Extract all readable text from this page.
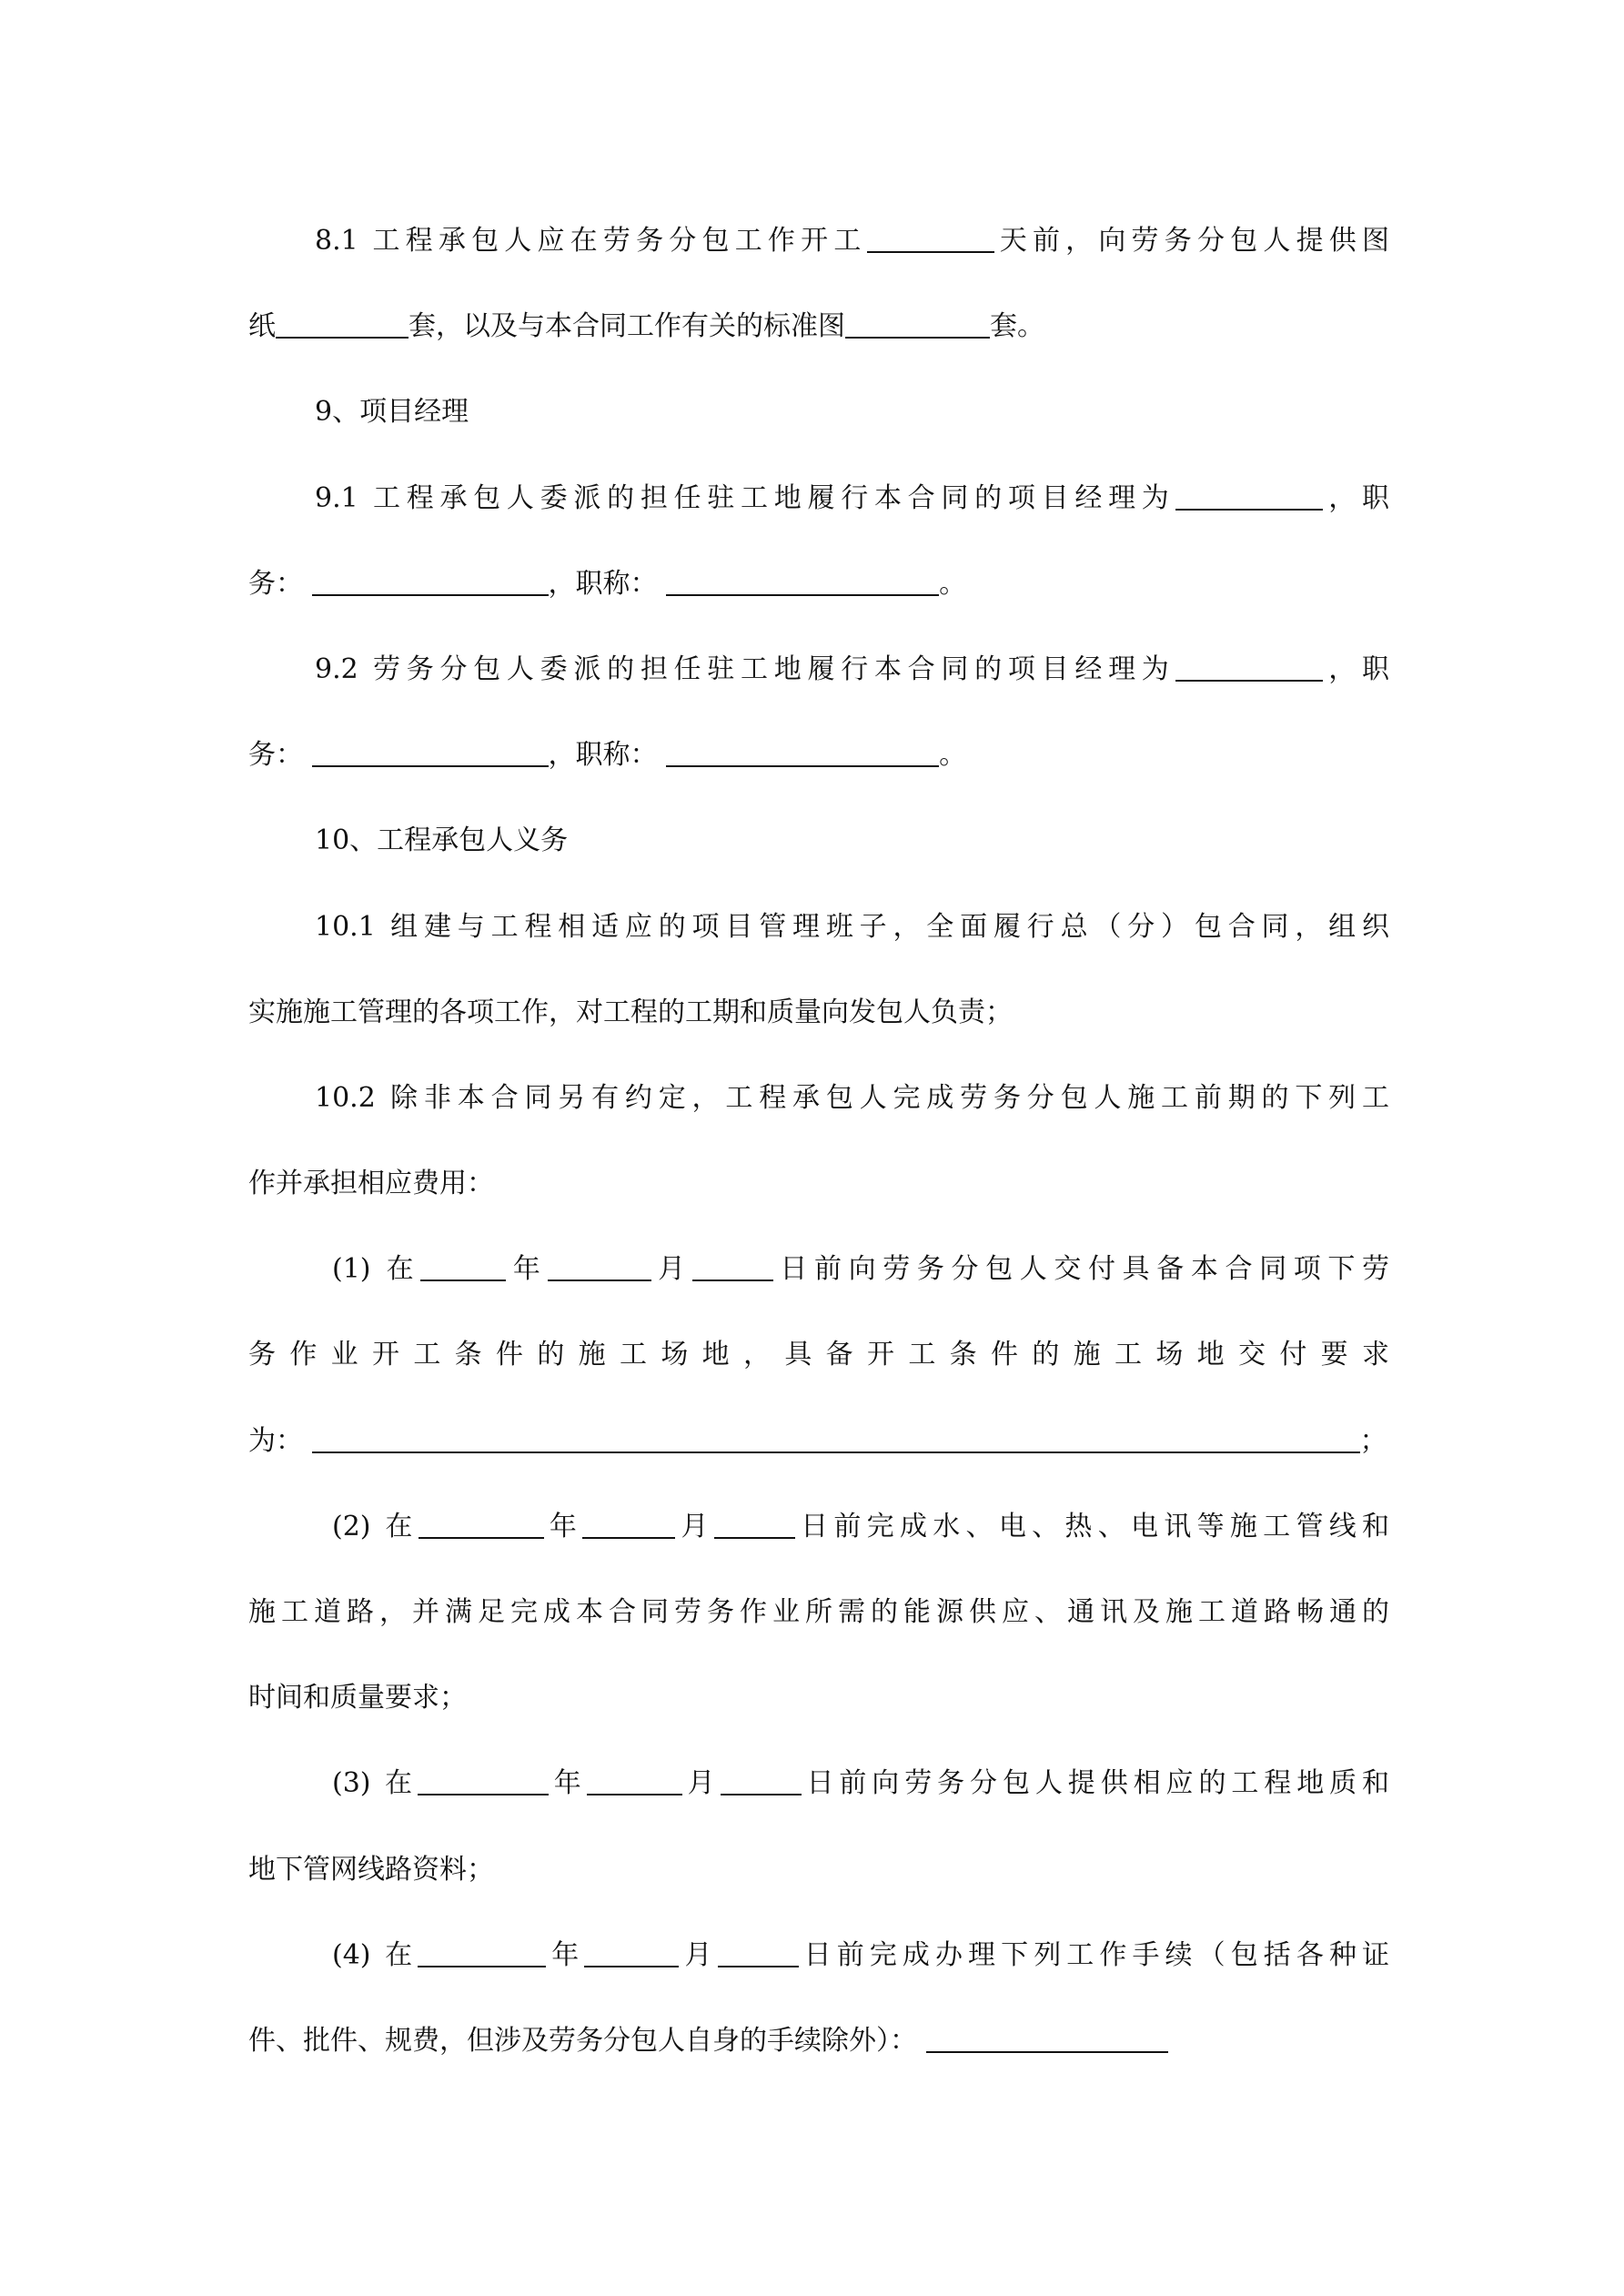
8.1 工程承包人应在劳务分包工作开工	天前，向劳务分包人提供图
纸	套，以及与本合同工作有关的标准图	套。
9、项目经理
9.1 工程承包人委派的担任驻工地履行本合同的项目经理为	，职
务：	，职称：	。
9.2 劳务分包人委派的担任驻工地履行本合同的项目经理为	，职
务：	，职称：	。
10、工程承包人义务
10.1 组建与工程相适应的项目管理班子，全面履行总（分）包合同，组织
实施施工管理的各项工作，对工程的工期和质量向发包人负责；
10.2 除非本合同另有约定，工程承包人完成劳务分包人施工前期的下列工
作并承担相应费用：
(1) 在	年	月	日前向劳务分包人交付具备本合同项下劳
务作业开工条件的施工场地，具备开工条件的施工场地交付要求
为：	；
(2) 在	年	月	日前完成水、电、热、电讯等施工管线和
施工道路，并满足完成本合同劳务作业所需的能源供应、通讯及施工道路畅通的
时间和质量要求；
(3) 在	年	月	日前向劳务分包人提供相应的工程地质和
地下管网线路资料；
(4) 在	年	月	日前完成办理下列工作手续（包括各种证
件、批件、规费，但涉及劳务分包人自身的手续除外）：
